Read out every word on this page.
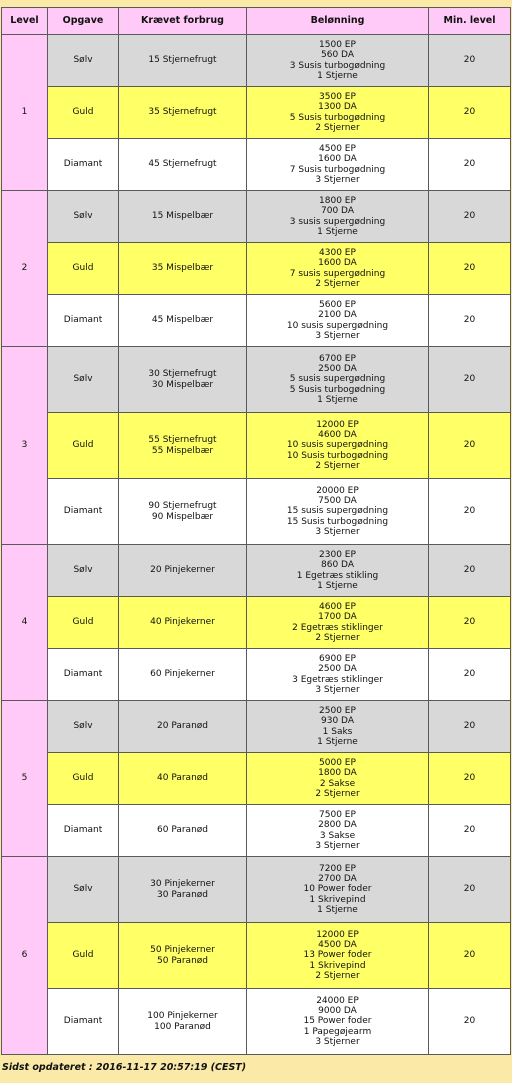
Level	Opgave	Krævet forbrug	Belønning	Min. level
1	Sølv	15 Stjernefrugt	1500 EP
560 DA
3 Susis turbogødning
1 Stjerne	20
	Guld	35 Stjernefrugt	3500 EP
1300 DA
5 Susis turbogødning
2 Stjerner	20
	Diamant	45 Stjernefrugt	4500 EP
1600 DA
7 Susis turbogødning
3 Stjerner	20
2	Sølv	15 Mispelbær	1800 EP
700 DA
3 susis supergødning
1 Stjerne	20
	Guld	35 Mispelbær	4300 EP
1600 DA
7 susis supergødning
2 Stjerner	20
	Diamant	45 Mispelbær	5600 EP
2100 DA
10 susis supergødning
3 Stjerner	20
3	Sølv	30 Stjernefrugt
30 Mispelbær	6700 EP
2500 DA
5 susis supergødning
5 Susis turbogødning
1 Stjerne	20
	Guld	55 Stjernefrugt
55 Mispelbær	12000 EP
4600 DA
10 susis supergødning
10 Susis turbogødning
2 Stjerner	20
	Diamant	90 Stjernefrugt
90 Mispelbær	20000 EP
7500 DA
15 susis supergødning
15 Susis turbogødning
3 Stjerner	20
4	Sølv	20 Pinjekerner	2300 EP
860 DA
1 Egetræs stikling
1 Stjerne	20
	Guld	40 Pinjekerner	4600 EP
1700 DA
2 Egetræs stiklinger
2 Stjerner	20
	Diamant	60 Pinjekerner	6900 EP
2500 DA
3 Egetræs stiklinger
3 Stjerner	20
5	Sølv	20 Paranød	2500 EP
930 DA
1 Saks
1 Stjerne	20
	Guld	40 Paranød	5000 EP
1800 DA
2 Sakse
2 Stjerner	20
	Diamant	60 Paranød	7500 EP
2800 DA
3 Sakse
3 Stjerner	20
6	Sølv	30 Pinjekerner
30 Paranød	7200 EP
2700 DA
10 Power foder
1 Skrivepind
1 Stjerne	20
	Guld	50 Pinjekerner
50 Paranød	12000 EP
4500 DA
13 Power foder
1 Skrivepind
2 Stjerner	20
	Diamant	100 Pinjekerner
100 Paranød	24000 EP
9000 DA
15 Power foder
1 Papegøjearm
3 Stjerner	20
Sidst opdateret : 2016-11-17 20:57:19 (CEST)
